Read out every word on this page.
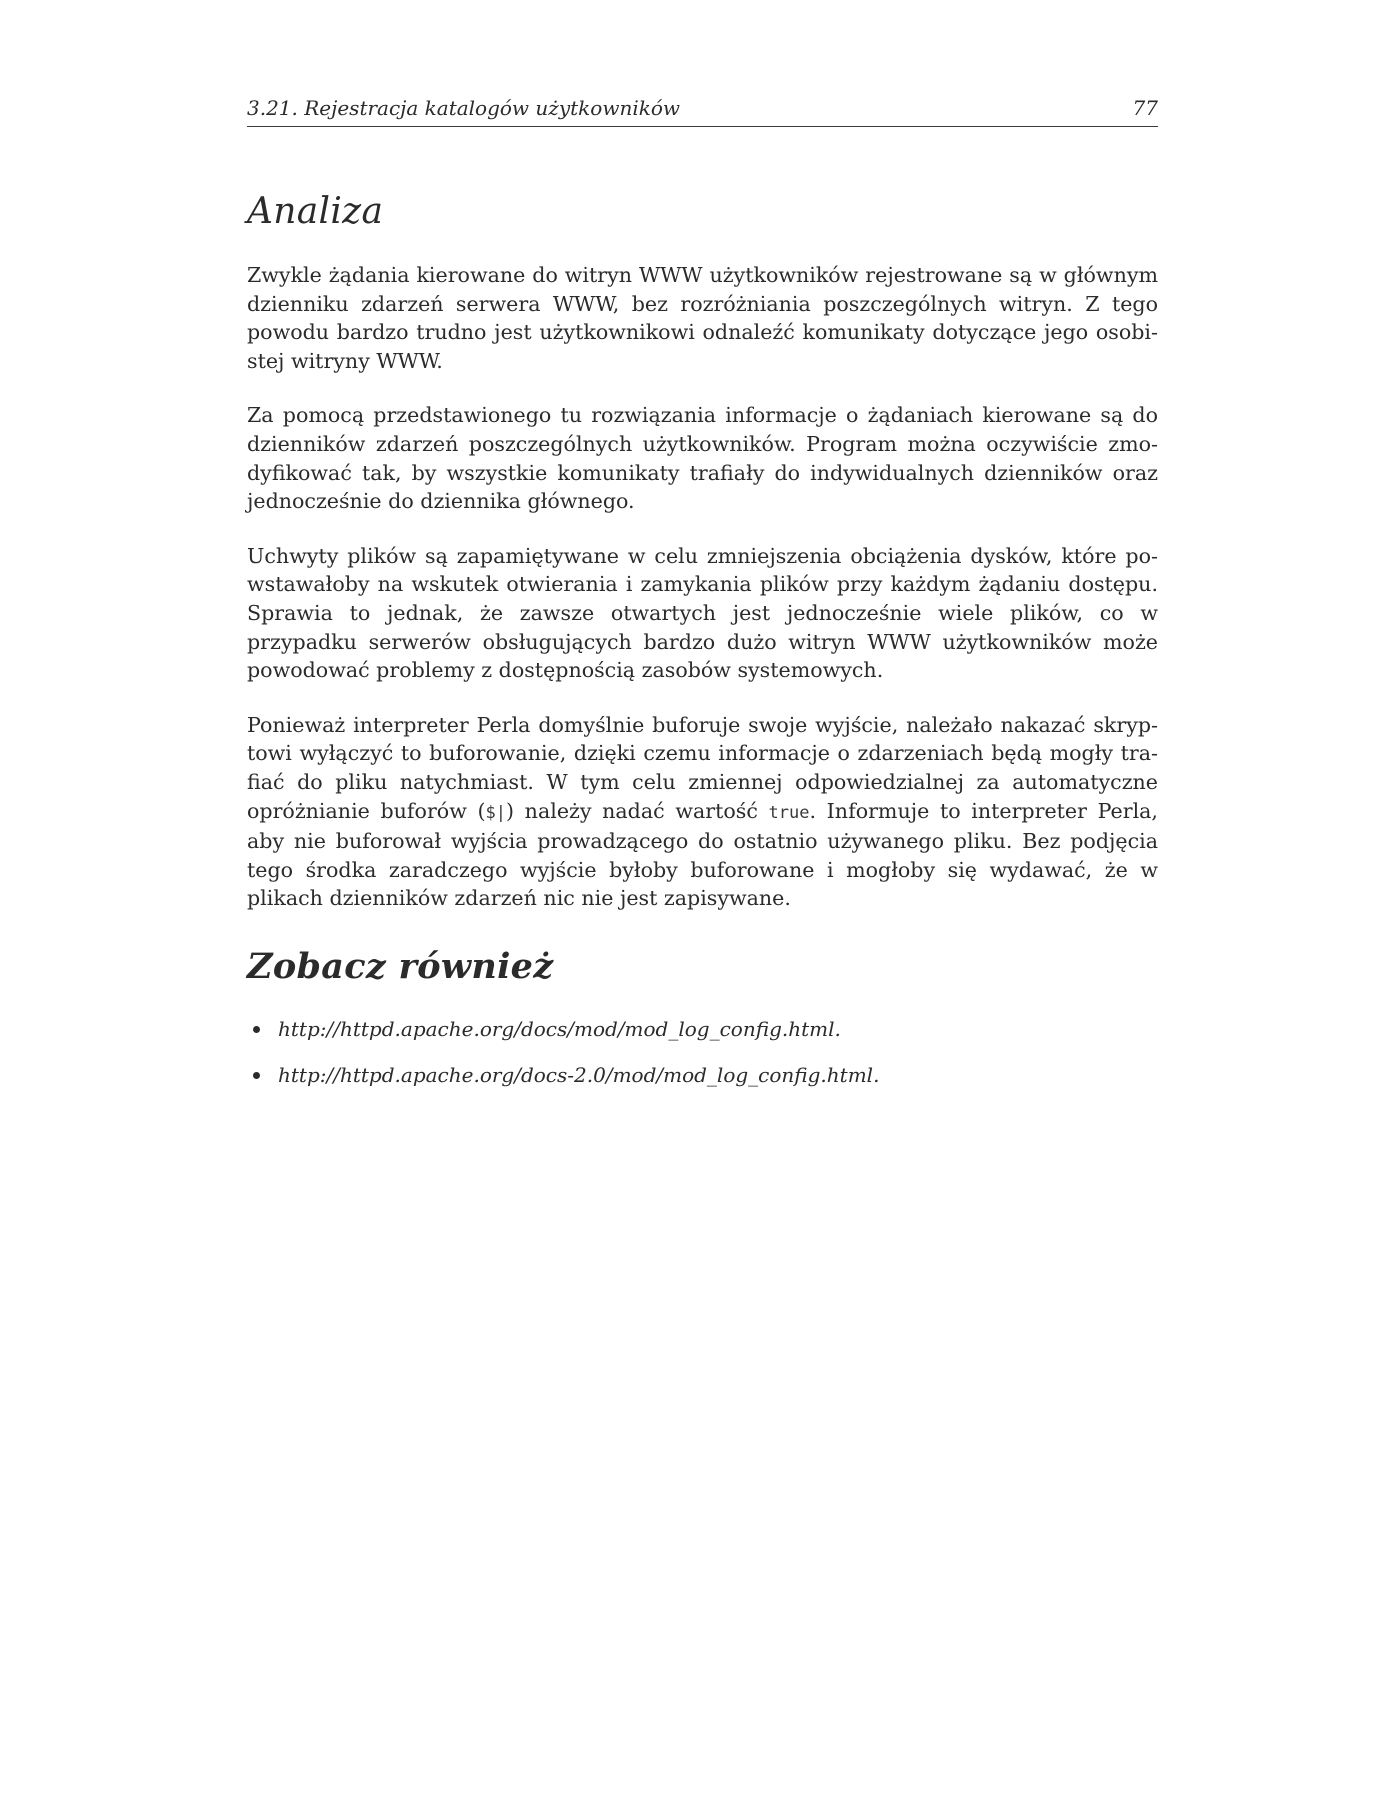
3.21. Rejestracja katalogów użytkowników	77
Analiza

Zwykle żądania kierowane do witryn WWW użytkowników rejestrowane są w głównym dzienniku zdarzeń serwera WWW, bez rozróżniania poszczególnych witryn. Z tego powodu bardzo trudno jest użytkownikowi odnaleźć komunikaty dotyczące jego osobistej witryny WWW.

Za pomocą przedstawionego tu rozwiązania informacje o żądaniach kierowane są do dzienników zdarzeń poszczególnych użytkowników. Program można oczywiście zmodyfikować tak, by wszystkie komunikaty trafiały do indywidualnych dzienników oraz jednocześnie do dziennika głównego.

Uchwyty plików są zapamiętywane w celu zmniejszenia obciążenia dysków, które powstawałoby na wskutek otwierania i zamykania plików przy każdym żądaniu dostępu. Sprawia to jednak, że zawsze otwartych jest jednocześnie wiele plików, co w przypadku serwerów obsługujących bardzo dużo witryn WWW użytkowników może powodować problemy z dostępnością zasobów systemowych.

Ponieważ interpreter Perla domyślnie buforuje swoje wyjście, należało nakazać skryptowi wyłączyć to buforowanie, dzięki czemu informacje o zdarzeniach będą mogły trafiać do pliku natychmiast. W tym celu zmiennej odpowiedzialnej za automatyczne opróżnianie buforów ($|) należy nadać wartość true. Informuje to interpreter Perla, aby nie buforował wyjścia prowadzącego do ostatnio używanego pliku. Bez podjęcia tego środka zaradczego wyjście byłoby buforowane i mogłoby się wydawać, że w plikach dzienników zdarzeń nic nie jest zapisywane.

Zobacz również
http://httpd.apache.org/docs/mod/mod_log_config.html.
http://httpd.apache.org/docs-2.0/mod/mod_log_config.html.
